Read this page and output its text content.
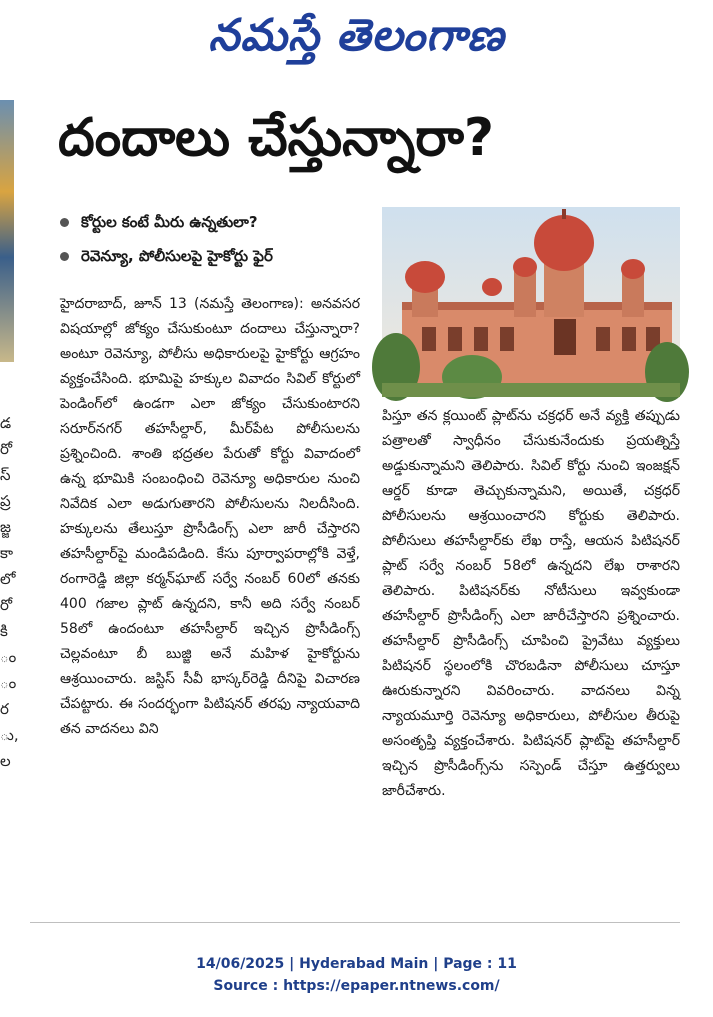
నమస్తే తెలంగాణ
డ
రో
స్
ప్ర
జ్జ
కా
లో
రో
కి
ం
ం
ర
ు,
ల
దందాలు చేస్తున్నారా?
కోర్టుల కంటే మీరు ఉన్నతులా?
రెవెన్యూ, పోలీసులపై హైకోర్టు ఫైర్
హైదరాబాద్, జూన్ 13 (నమస్తే తెలంగాణ): అనవసర విషయాల్లో జోక్యం చేసుకుంటూ దందాలు చేస్తున్నారా? అంటూ రెవెన్యూ, పోలీసు అధికారులపై హైకోర్టు ఆగ్రహం వ్యక్తంచేసింది. భూమిపై హక్కుల వివాదం సివిల్ కోర్టులో పెండింగ్‌లో ఉండగా ఎలా జోక్యం చేసుకుంటారని సరూర్‌నగర్ తహసీల్దార్, మీర్‌పేట పోలీసులను ప్రశ్నించింది. శాంతి భద్రతల పేరుతో కోర్టు వివాదంలో ఉన్న భూమికి సంబంధించి రెవెన్యూ అధికారుల నుంచి నివేదిక ఎలా అడుగుతారని పోలీసులను నిలదీసింది. హక్కులను తేలుస్తూ ప్రొసీడింగ్స్ ఎలా జారీ చేస్తారని తహసీల్దార్‌పై మండిపడింది. కేసు పూర్వాపరాల్లోకి వెళ్తే, రంగారెడ్డి జిల్లా కర్మన్‌ఘాట్ సర్వే నంబర్ 60లో తనకు 400 గజాల ప్లాట్ ఉన్నదని, కానీ అది సర్వే నంబర్ 58లో ఉందంటూ తహసీల్దార్ ఇచ్చిన ప్రొసీడింగ్స్ చెల్లవంటూ బీ బుజ్జి అనే మహిళ హైకోర్టును ఆశ్రయించారు. జస్టిస్ సీవీ భాస్కర్‌రెడ్డి దీనిపై విచారణ చేపట్టారు. ఈ సందర్భంగా పిటిషనర్ తరఫు న్యాయవాది తన వాదనలు విని
పిస్తూ తన క్లయింట్ ప్లాట్‌ను చక్రధర్ అనే వ్యక్తి తప్పుడు పత్రాలతో స్వాధీనం చేసుకునేందుకు ప్రయత్నిస్తే అడ్డుకున్నామని తెలిపారు. సివిల్ కోర్టు నుంచి ఇంజక్షన్ ఆర్డర్ కూడా తెచ్చుకున్నామని, అయితే, చక్రధర్ పోలీసులను ఆశ్రయించారని కోర్టుకు తెలిపారు. పోలీసులు తహసీల్దార్‌కు లేఖ రాస్తే, ఆయన పిటిషనర్ ప్లాట్ సర్వే నంబర్ 58లో ఉన్నదని లేఖ రాశారని తెలిపారు. పిటిషనర్‌కు నోటీసులు ఇవ్వకుండా తహసీల్దార్ ప్రొసీడింగ్స్ ఎలా జారీచేస్తారని ప్రశ్నించారు. తహసీల్దార్ ప్రొసీడింగ్స్ చూపించి ప్రైవేటు వ్యక్తులు పిటిషనర్ స్థలంలోకి చొరబడినా పోలీసులు చూస్తూ ఊరుకున్నారని వివరించారు. వాదనలు విన్న న్యాయమూర్తి రెవెన్యూ అధికారులు, పోలీసుల తీరుపై అసంతృప్తి వ్యక్తంచేశారు. పిటిషనర్ ప్లాట్‌పై తహసీల్దార్ ఇచ్చిన ప్రొసీడింగ్స్‌ను సస్పెండ్ చేస్తూ ఉత్తర్వులు జారీచేశారు.
14/06/2025 | Hyderabad Main | Page : 11
Source : https://epaper.ntnews.com/
